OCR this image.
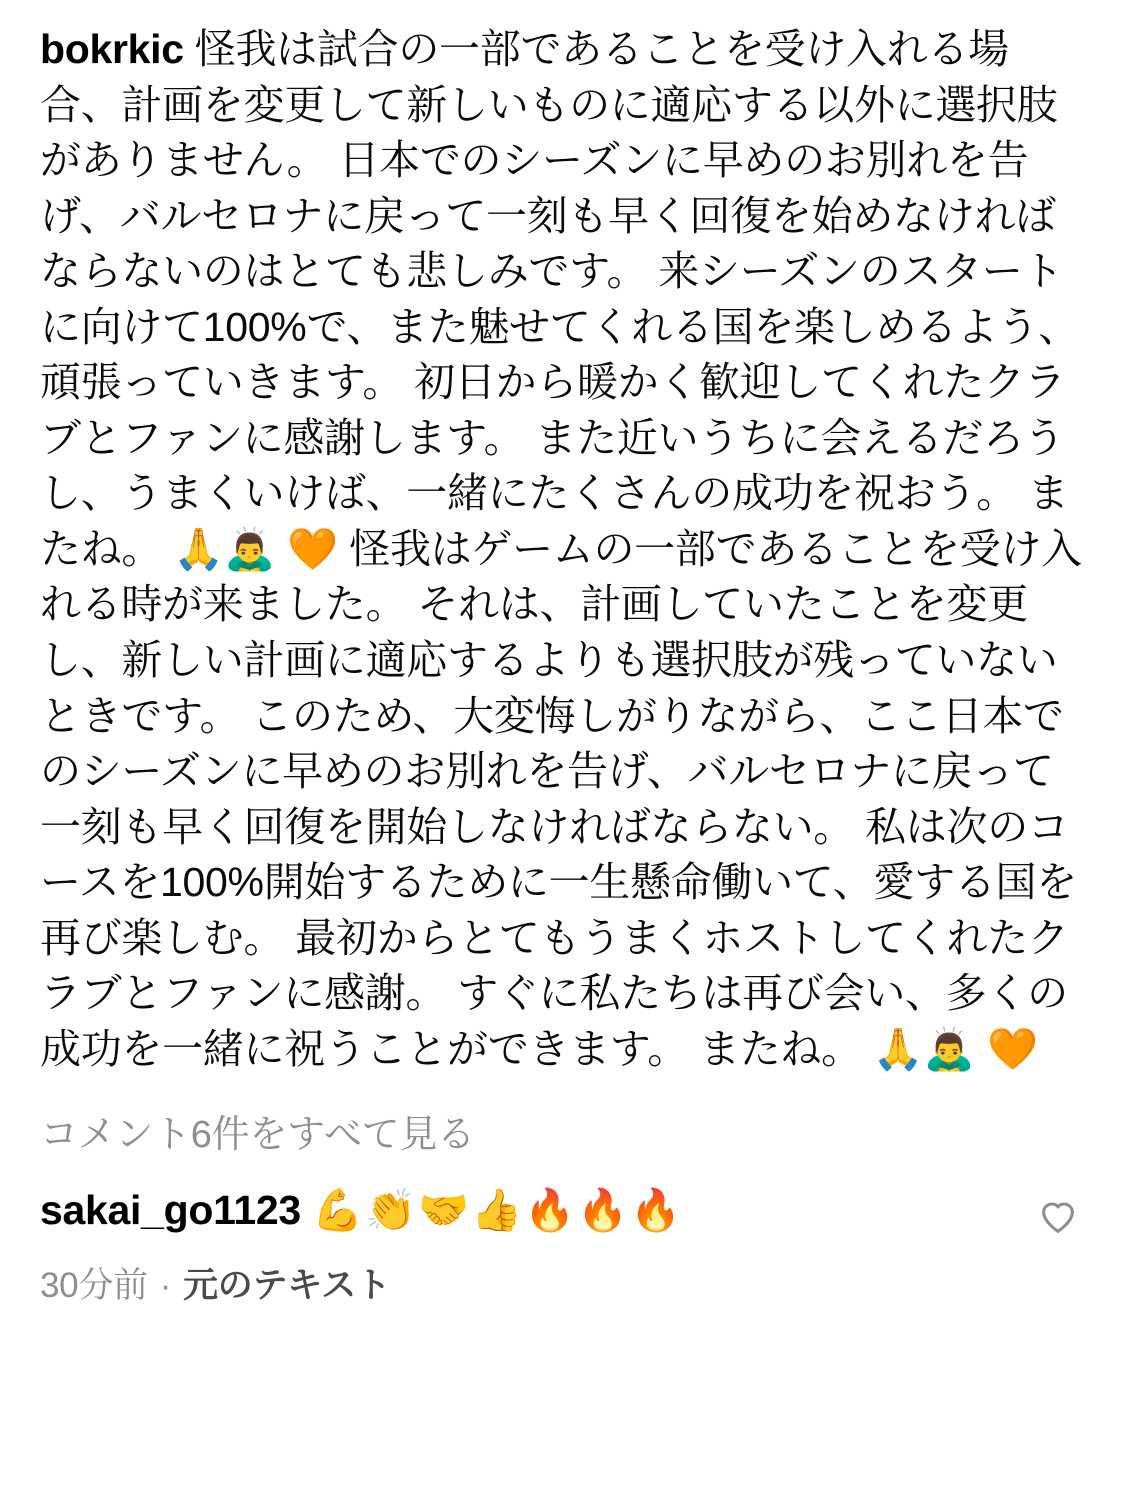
bokrkic 怪我は試合の一部であることを受け入れる場合、計画を変更して新しいものに適応する以外に選択肢がありません。 日本でのシーズンに早めのお別れを告げ、バルセロナに戻って一刻も早く回復を始めなければならないのはとても悲しみです。 来シーズンのスタートに向けて100%で、また魅せてくれる国を楽しめるよう、頑張っていきます。 初日から暖かく歓迎してくれたクラブとファンに感謝します。 また近いうちに会えるだろうし、うまくいけば、一緒にたくさんの成功を祝おう。 またね。 🙏🙇‍♂️ 🧡 怪我はゲームの一部であることを受け入れる時が来ました。 それは、計画していたことを変更し、新しい計画に適応するよりも選択肢が残っていないときです。 このため、大変悔しがりながら、ここ日本でのシーズンに早めのお別れを告げ、バルセロナに戻って一刻も早く回復を開始しなければならない。 私は次のコースを100%開始するために一生懸命働いて、愛する国を再び楽しむ。 最初からとてもうまくホストしてくれたクラブとファンに感謝。 すぐに私たちは再び会い、多くの成功を一緒に祝うことができます。 またね。 🙏🙇‍♂️ 🧡
コメント6件をすべて見る
sakai_go1123 💪👏🤝👍🔥🔥🔥
30分前 · 元のテキスト
